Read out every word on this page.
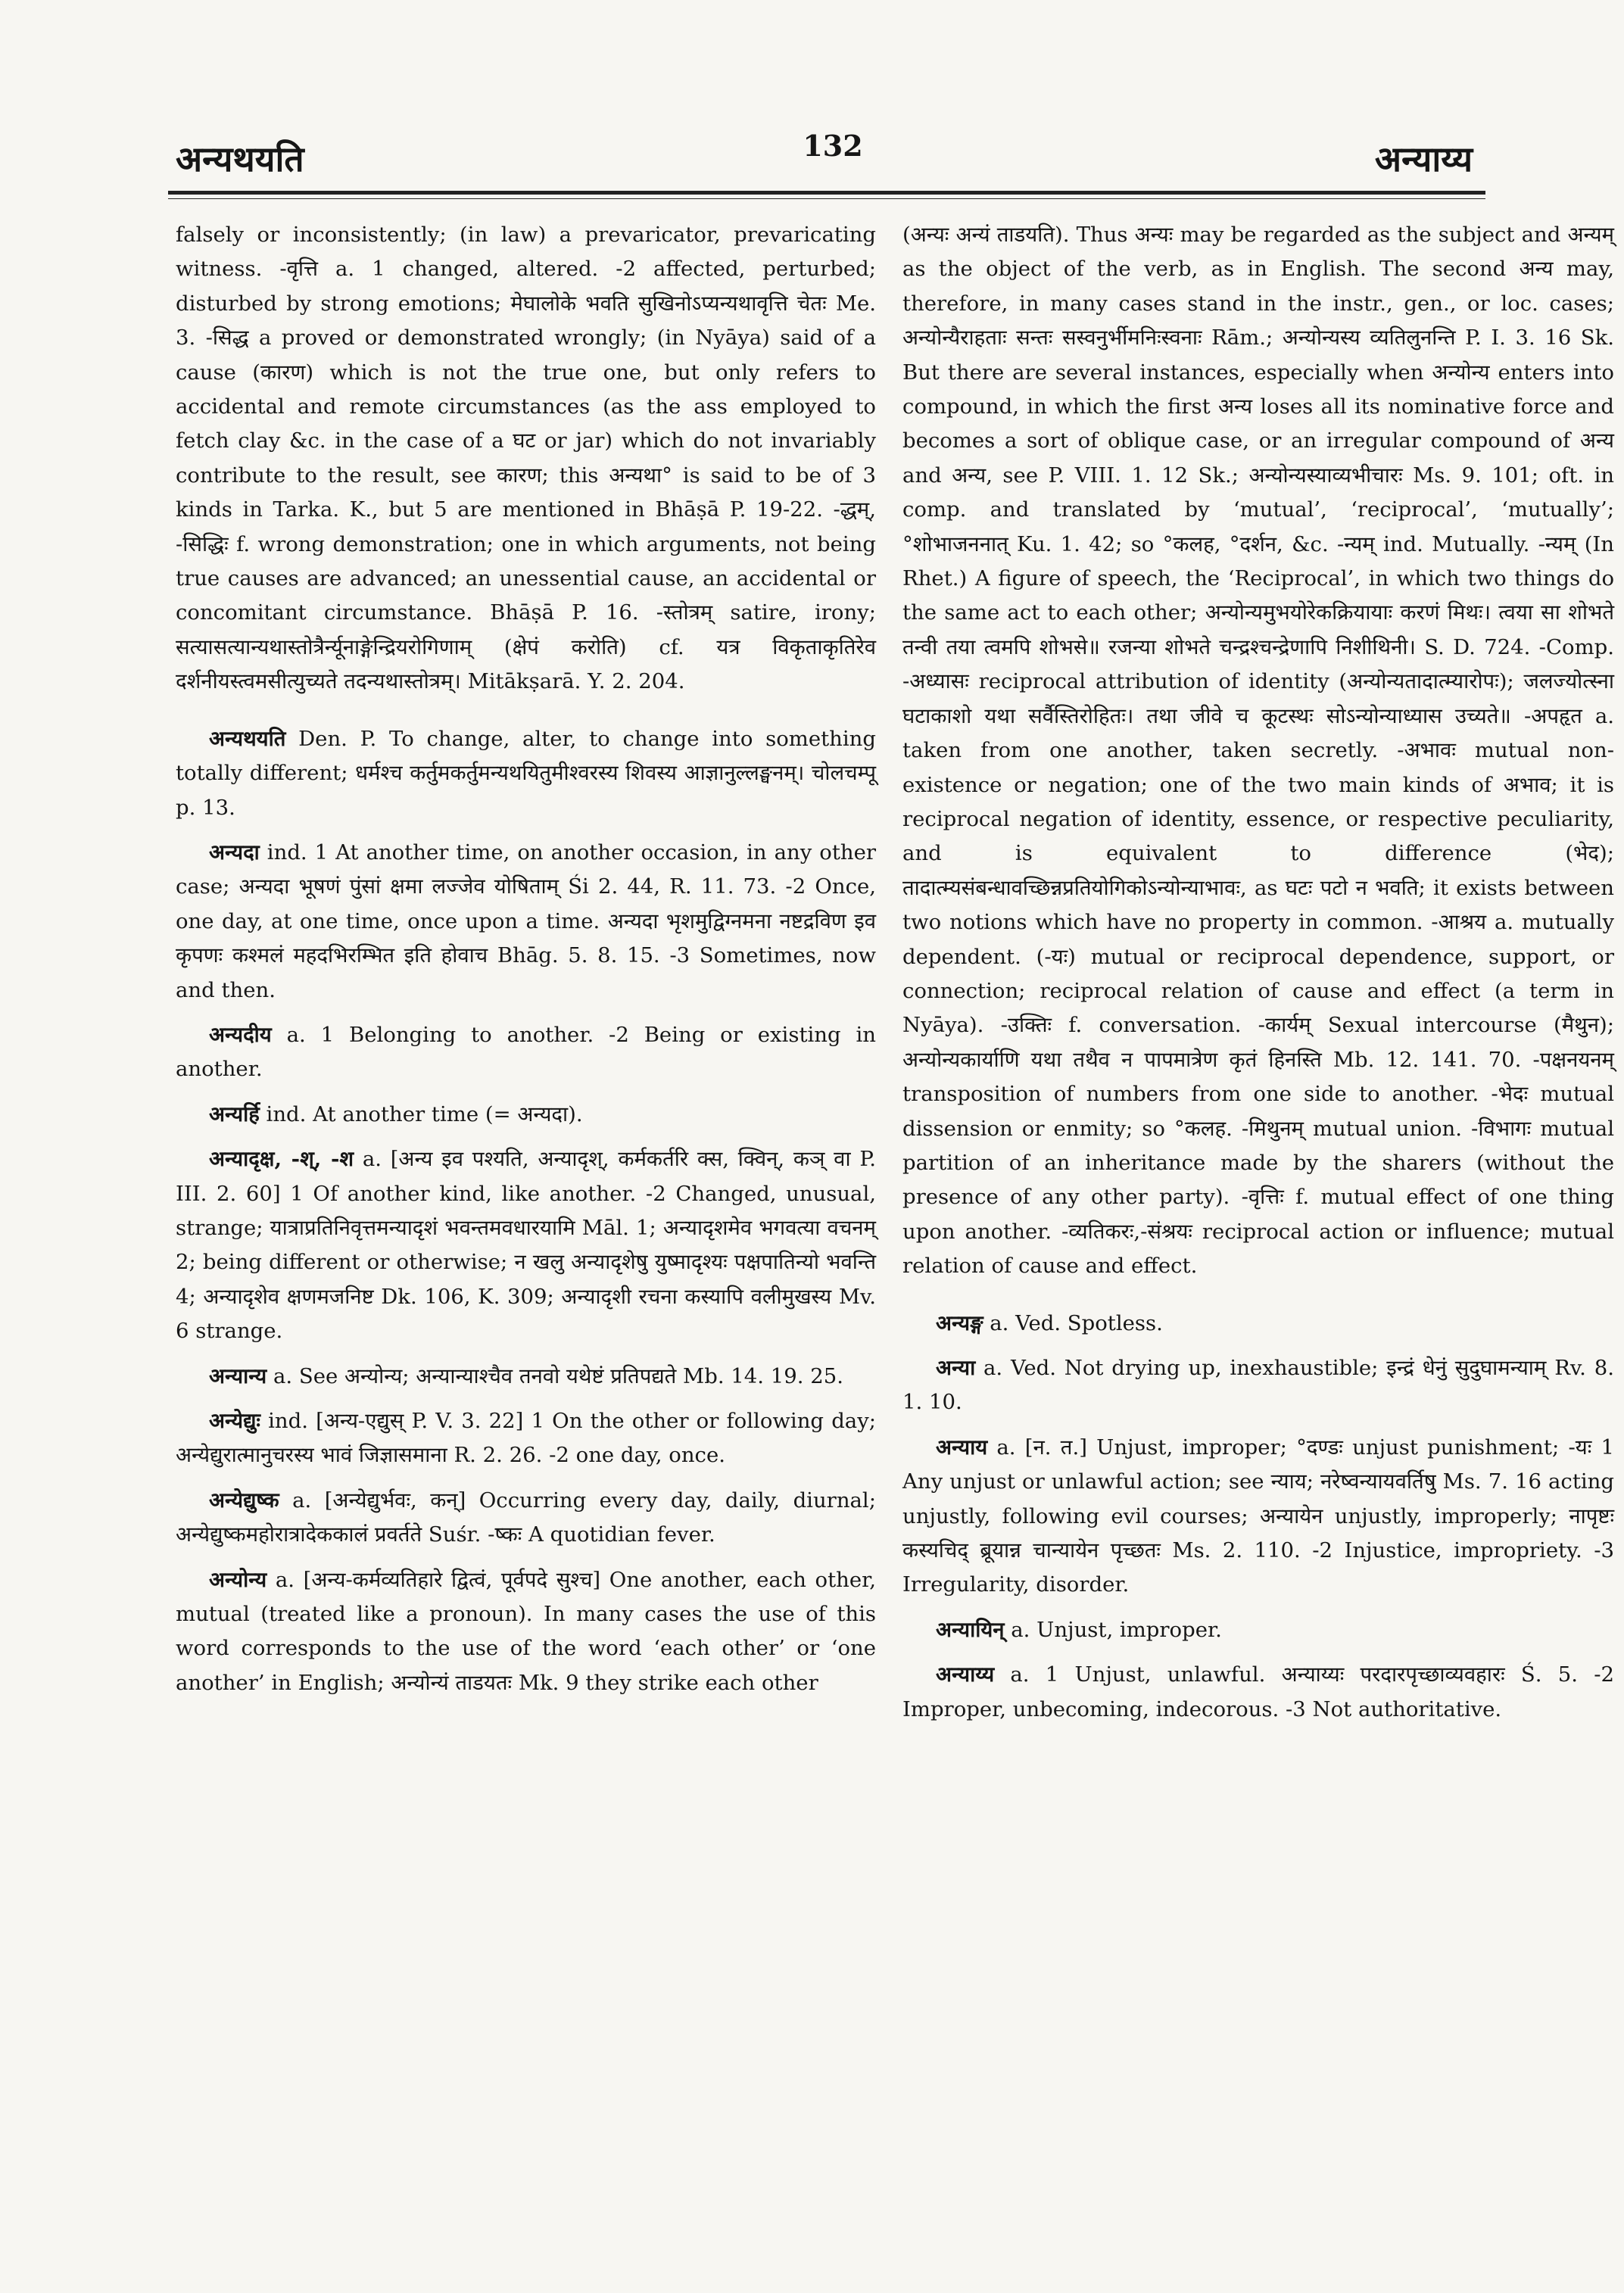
अन्यथयति	132	अन्याय्य

falsely or inconsistently; (in law) a prevaricator, prevaricating witness. -वृत्ति a. 1 changed, altered. -2 affected, perturbed; disturbed by strong emotions; मेघालोके भवति सुखिनोऽप्यन्यथावृत्ति चेतः Me. 3. -सिद्ध a proved or demonstrated wrongly; (in Nyāya) said of a cause (कारण) which is not the true one, but only refers to accidental and remote circumstances (as the ass employed to fetch clay &c. in the case of a घट or jar) which do not invariably contribute to the result, see कारण; this अन्यथा° is said to be of 3 kinds in Tarka. K., but 5 are mentioned in Bhāṣā P. 19-22. -द्धम्, -सिद्धिः f. wrong demonstration; one in which arguments, not being true causes are advanced; an unessential cause, an accidental or concomitant circumstance. Bhāṣā P. 16. -स्तोत्रम् satire, irony; सत्यासत्यान्यथास्तोत्रैर्न्यूनाङ्गेन्द्रियरोगिणाम् (क्षेपं करोति) cf. यत्र विकृताकृतिरेव दर्शनीयस्त्वमसीत्युच्यते तदन्यथास्तोत्रम्। Mitākṣarā. Y. 2. 204.

अन्यथयति Den. P. To change, alter, to change into something totally different; धर्मश्च कर्तुमकर्तुमन्यथयितुमीश्वरस्य शिवस्य आज्ञानुल्लङ्घनम्। चोलचम्पू p. 13.

अन्यदा ind. 1 At another time, on another occasion, in any other case; अन्यदा भूषणं पुंसां क्षमा लज्जेव योषिताम् Śi 2. 44, R. 11. 73. -2 Once, one day, at one time, once upon a time. अन्यदा भृशमुद्विग्नमना नष्टद्रविण इव कृपणः कश्मलं महदभिरम्भित इति होवाच Bhāg. 5. 8. 15. -3 Sometimes, now and then.

अन्यदीय a. 1 Belonging to another. -2 Being or existing in another.

अन्यर्हि ind. At another time (= अन्यदा).

अन्यादृक्ष, -श्, -श a. [अन्य इव पश्यति, अन्यादृश्, कर्मकर्तरि क्स, क्विन्, कञ् वा P. III. 2. 60] 1 Of another kind, like another. -2 Changed, unusual, strange; यात्राप्रतिनिवृत्तमन्यादृशं भवन्तमवधारयामि Māl. 1; अन्यादृशमेव भगवत्या वचनम् 2; being different or otherwise; न खलु अन्यादृशेषु युष्मादृश्यः पक्षपातिन्यो भवन्ति 4; अन्यादृशेव क्षणमजनिष्ट Dk. 106, K. 309; अन्यादृशी रचना कस्यापि वलीमुखस्य Mv. 6 strange.

अन्यान्य a. See अन्योन्य; अन्यान्याश्चैव तनवो यथेष्टं प्रतिपद्यते Mb. 14. 19. 25.

अन्येद्युः ind. [अन्य-एद्युस् P. V. 3. 22] 1 On the other or following day; अन्येद्युरात्मानुचरस्य भावं जिज्ञासमाना R. 2. 26. -2 one day, once.

अन्येद्युष्क a. [अन्येद्युर्भवः, कन्] Occurring every day, daily, diurnal; अन्येद्युष्कमहोरात्रादेककालं प्रवर्तते Suśr. -ष्कः A quotidian fever.

अन्योन्य a. [अन्य-कर्मव्यतिहारे द्वित्वं, पूर्वपदे सुश्च] One another, each other, mutual (treated like a pronoun). In many cases the use of this word corresponds to the use of the word ‘each other’ or ‘one another’ in English; अन्योन्यं ताडयतः Mk. 9 they strike each other

(अन्यः अन्यं ताडयति). Thus अन्यः may be regarded as the subject and अन्यम् as the object of the verb, as in English. The second अन्य may, therefore, in many cases stand in the instr., gen., or loc. cases; अन्योन्यैराहताः सन्तः सस्वनुर्भीमनिःस्वनाः Rām.; अन्योन्यस्य व्यतिलुनन्ति P. I. 3. 16 Sk. But there are several instances, especially when अन्योन्य enters into compound, in which the first अन्य loses all its nominative force and becomes a sort of oblique case, or an irregular compound of अन्य and अन्य, see P. VIII. 1. 12 Sk.; अन्योन्यस्याव्यभीचारः Ms. 9. 101; oft. in comp. and translated by ‘mutual’, ‘reciprocal’, ‘mutually’; °शोभाजननात् Ku. 1. 42; so °कलह, °दर्शन, &c. -न्यम् ind. Mutually. -न्यम् (In Rhet.) A figure of speech, the ‘Reciprocal’, in which two things do the same act to each other; अन्योन्यमुभयोरेकक्रियायाः करणं मिथः। त्वया सा शोभते तन्वी तया त्वमपि शोभसे॥ रजन्या शोभते चन्द्रश्चन्द्रेणापि निशीथिनी। S. D. 724. -Comp. -अध्यासः reciprocal attribution of identity (अन्योन्यतादात्म्यारोपः); जलज्योत्स्ना घटाकाशो यथा सर्वैस्तिरोहितः। तथा जीवे च कूटस्थः सोऽन्योन्याध्यास उच्यते॥ -अपहृत a. taken from one another, taken secretly. -अभावः mutual non-existence or negation; one of the two main kinds of अभाव; it is reciprocal negation of identity, essence, or respective peculiarity, and is equivalent to difference (भेद); तादात्म्यसंबन्धावच्छिन्नप्रतियोगिकोऽन्योन्याभावः, as घटः पटो न भवति; it exists between two notions which have no property in common. -आश्रय a. mutually dependent. (-यः) mutual or reciprocal dependence, support, or connection; reciprocal relation of cause and effect (a term in Nyāya). -उक्तिः f. conversation. -कार्यम् Sexual intercourse (मैथुन); अन्योन्यकार्याणि यथा तथैव न पापमात्रेण कृतं हिनस्ति Mb. 12. 141. 70. -पक्षनयनम् transposition of numbers from one side to another. -भेदः mutual dissension or enmity; so °कलह. -मिथुनम् mutual union. -विभागः mutual partition of an inheritance made by the sharers (without the presence of any other party). -वृत्तिः f. mutual effect of one thing upon another. -व्यतिकरः,-संश्रयः reciprocal action or influence; mutual relation of cause and effect.

अन्यङ्ग a. Ved. Spotless.

अन्या a. Ved. Not drying up, inexhaustible; इन्द्रं धेनुं सुदुघामन्याम् Rv. 8. 1. 10.

अन्याय a. [न. त.] Unjust, improper; °दण्डः unjust punishment; -यः 1 Any unjust or unlawful action; see न्याय; नरेष्वन्यायवर्तिषु Ms. 7. 16 acting unjustly, following evil courses; अन्यायेन unjustly, improperly; नापृष्टः कस्यचिद् ब्रूयान्न चान्यायेन पृच्छतः Ms. 2. 110. -2 Injustice, impropriety. -3 Irregularity, disorder.

अन्यायिन् a. Unjust, improper.

अन्याय्य a. 1 Unjust, unlawful. अन्याय्यः परदारपृच्छाव्यवहारः Ś. 5. -2 Improper, unbecoming, indecorous. -3 Not authoritative.
